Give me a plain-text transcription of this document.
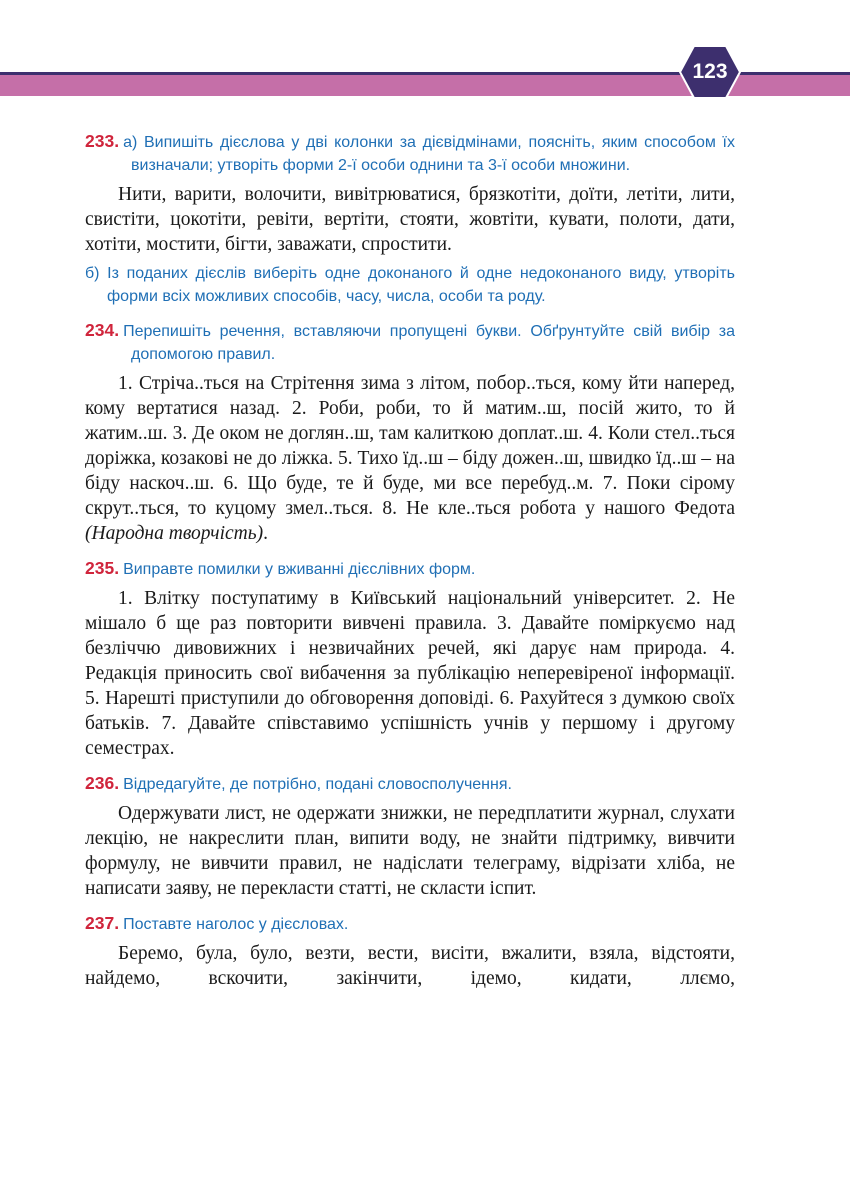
123
233. а) Випишіть дієслова у дві колонки за дієвідмінами, поясніть, яким способом їх визначали; утворіть форми 2-ї особи однини та 3-ї особи множини.

Нити, варити, волочити, вивітрюватися, брязкотіти, доїти, летіти, лити, свистіти, цокотіти, ревіти, вертіти, стояти, жовтіти, кувати, полоти, дати, хотіти, мостити, бігти, заважати, спростити.

б) Із поданих дієслів виберіть одне доконаного й одне недоконаного виду, утворіть форми всіх можливих способів, часу, числа, особи та роду.
234. Перепишіть речення, вставляючи пропущені букви. Обґрунтуйте свій вибір за допомогою правил.

1. Стріча..ться на Стрітення зима з літом, побор..ться, кому йти наперед, кому вертатися назад. 2. Роби, роби, то й матим..ш, посій жито, то й жатим..ш. 3. Де оком не доглян..ш, там калиткою доплат..ш. 4. Коли стел..ться доріжка, козакові не до ліжка. 5. Тихо їд..ш – біду дожен..ш, швидко їд..ш – на біду наскоч..ш. 6. Що буде, те й буде, ми все перебуд..м. 7. Поки сірому скрут..ться, то куцому змел..ться. 8. Не кле..ться робота у нашого Федота (Народна творчість).

235. Виправте помилки у вживанні дієслівних форм.

1. Влітку поступатиму в Київський національний університет. 2. Не мішало б ще раз повторити вивчені правила. 3. Давайте поміркуємо над безліччю дивовижних і незвичайних речей, які дарує нам природа. 4. Редакція приносить свої вибачення за публікацію неперевіреної інформації. 5. Нарешті приступили до обговорення доповіді. 6. Рахуйтеся з думкою своїх батьків. 7. Давайте співставимо успішність учнів у першому і другому семестрах.

236. Відредагуйте, де потрібно, подані словосполучення.

Одержувати лист, не одержати знижки, не передплатити журнал, слухати лекцію, не накреслити план, випити воду, не знайти підтримку, вивчити формулу, не вивчити правил, не надіслати телеграму, відрізати хліба, не написати заяву, не перекласти статті, не скласти іспит.

237. Поставте наголос у дієсловах.

Беремо, була, було, везти, вести, висіти, вжалити, взяла, відстояти, найдемо, вскочити, закінчити, ідемо, кидати, ллємо,
